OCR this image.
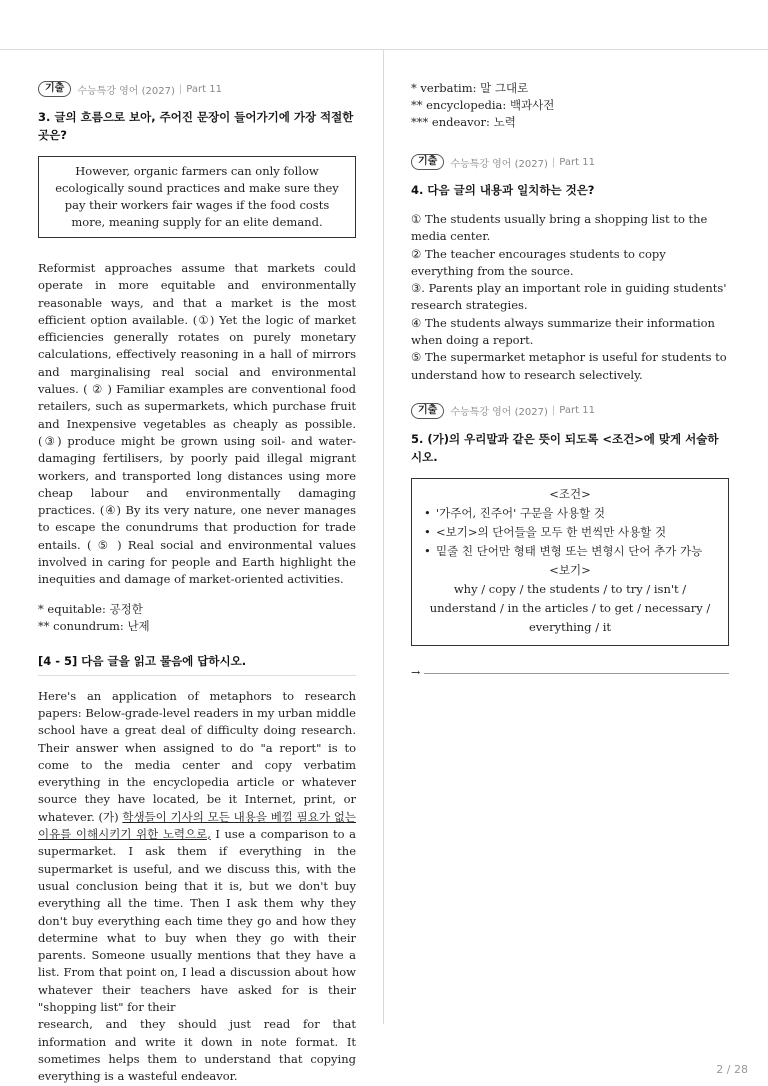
기출	수능특강 영어 (2027) | Part 11
3. 글의 흐름으로 보아, 주어진 문장이 들어가기에 가장 적절한 곳은?
However, organic farmers can only follow ecologically sound practices and make sure they pay their workers fair wages if the food costs more, meaning supply for an elite demand.
Reformist approaches assume that markets could operate in more equitable and environmentally reasonable ways, and that a market is the most efficient option available. (①) Yet the logic of market efficiencies generally rotates on purely monetary calculations, effectively reasoning in a hall of mirrors and marginalising real social and environmental values. ( ② ) Familiar examples are conventional food retailers, such as supermarkets, which purchase fruit and Inexpensive vegetables as cheaply as possible. (③) produce might be grown using soil- and water-damaging fertilisers, by poorly paid illegal migrant workers, and transported long distances using more cheap labour and environmentally damaging practices. (④) By its very nature, one never manages to escape the conundrums that production for trade entails. ( ⑤ ) Real social and environmental values involved in caring for people and Earth highlight the inequities and damage of market-oriented activities.
* equitable: 공정한
** conundrum: 난제
[4 - 5] 다음 글을 읽고 물음에 답하시오.
Here's an application of metaphors to research papers: Below-grade-level readers in my urban middle school have a great deal of difficulty doing research. Their answer when assigned to do "a report" is to come to the media center and copy verbatim everything in the encyclopedia article or whatever source they have located, be it Internet, print, or whatever. (가) 학생들이 기사의 모든 내용을 베낄 필요가 없는 이유를 이해시키기 위한 노력으로, I use a comparison to a supermarket. I ask them if everything in the supermarket is useful, and we discuss this, with the usual conclusion being that it is, but we don't buy everything all the time. Then I ask them why they don't buy everything each time they go and how they determine what to buy when they go with their parents. Someone usually mentions that they have a list. From that point on, I lead a discussion about how whatever their teachers have asked for is their "shopping list" for their

research, and they should just read for that information and write it down in note format. It sometimes helps them to understand that copying everything is a wasteful endeavor.

* verbatim: 말 그대로
** encyclopedia: 백과사전
*** endeavor: 노력
기출	수능특강 영어 (2027) | Part 11
4. 다음 글의 내용과 일치하는 것은?
① The students usually bring a shopping list to the media center.
② The teacher encourages students to copy everything from the source.
③. Parents play an important role in guiding students' research strategies.
④ The students always summarize their information when doing a report.
⑤ The supermarket metaphor is useful for students to understand how to research selectively.
기출	수능특강 영어 (2027) | Part 11
5. (가)의 우리말과 같은 뜻이 되도록 <조건>에 맞게 서술하시오.
<조건>
• '가주어, 진주어' 구문을 사용할 것
• <보기>의 단어들을 모두 한 번씩만 사용할 것
• 밑줄 친 단어만 형태 변형 또는 변형시 단어 추가 가능
<보기>
why / copy / the students / to try / isn't / understand / in the articles / to get / necessary / everything / it
→
2 / 28
